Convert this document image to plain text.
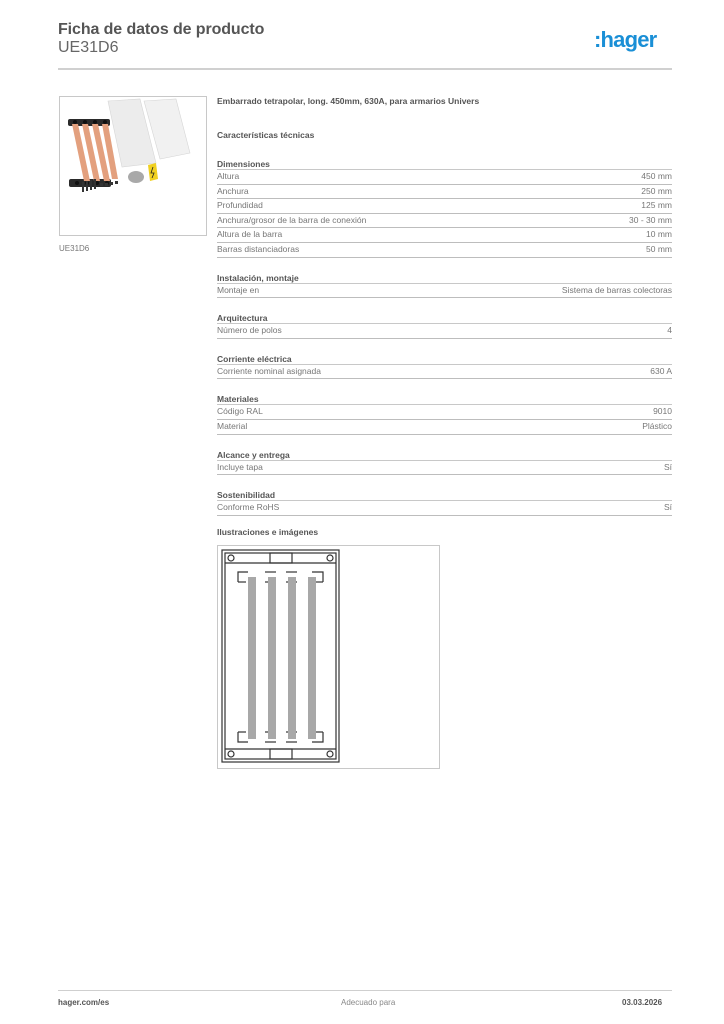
Ficha de datos de producto
UE31D6	:hager
UE31D6
Embarrado tetrapolar, long. 450mm, 630A, para armarios Univers
Características técnicas
Dimensiones
Altura	450 mm
Anchura	250 mm
Profundidad	125 mm
Anchura/grosor de la barra de conexión	30 - 30 mm
Altura de la barra	10 mm
Barras distanciadoras	50 mm
Instalación, montaje
Montaje en	Sistema de barras colectoras
Arquitectura
Número de polos	4
Corriente eléctrica
Corriente nominal asignada	630 A
Materiales
Código RAL	9010
Material	Plástico
Alcance y entrega
Incluye tapa	Sí
Sostenibilidad
Conforme RoHS	Sí
Ilustraciones e imágenes
hager.com/es	Adecuado para	03.03.2026
